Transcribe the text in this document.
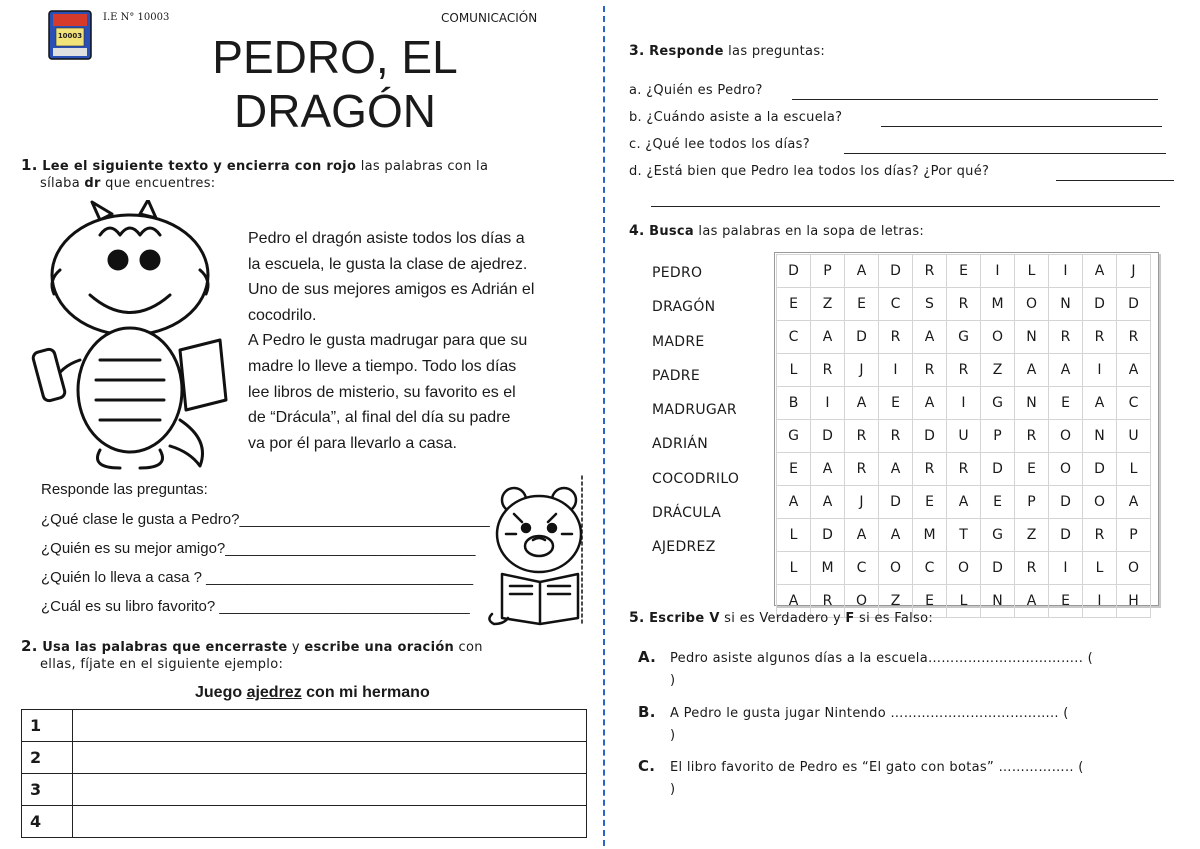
10003
I.E N° 10003	COMUNICACIÓN
PEDRO, EL
DRAGÓN
1. Lee el siguiente texto y encierra con rojo las palabras con la
sílaba dr que encuentres:
Pedro el dragón asiste todos los días a
la escuela, le gusta la clase de ajedrez.
Uno de sus mejores amigos es Adrián el
cocodrilo.
A Pedro le gusta madrugar para que su
madre lo lleve a tiempo. Todo los días
lee libros de misterio, su favorito es el
de “Drácula”, al final del día su padre
va por él para llevarlo a casa.
Responde las preguntas:
¿Qué clase le gusta a Pedro?______________________________
¿Quién es su mejor amigo?______________________________
¿Quién lo lleva a casa ? ________________________________
¿Cuál es su libro favorito? ______________________________
2. Usa las palabras que encerraste y escribe una oración con
ellas, fíjate en el siguiente ejemplo:
Juego ajedrez con mi hermano
1	
2	
3	
4	
3. Responde las preguntas:
a. ¿Quién es Pedro?
b. ¿Cuándo asiste a la escuela?
c. ¿Qué lee todos los días?
d. ¿Está bien que Pedro lea todos los días? ¿Por qué?
4. Busca las palabras en la sopa de letras:
PEDRO
DRAGÓN
MADRE
PADRE
MADRUGAR
ADRIÁN
COCODRILO
DRÁCULA
AJEDREZ
D	P	A	D	R	E	I	L	I	A	J
E	Z	E	C	S	R	M	O	N	D	D
C	A	D	R	A	G	O	N	R	R	R
L	R	J	I	R	R	Z	A	A	I	A
B	I	A	E	A	I	G	N	E	A	C
G	D	R	R	D	U	P	R	O	N	U
E	A	R	A	R	R	D	E	O	D	L
A	A	J	D	E	A	E	P	D	O	A
L	D	A	A	M	T	G	Z	D	R	P
L	M	C	O	C	O	D	R	I	L	O
A	R	O	Z	E	L	N	A	E	I	H
5. Escribe V si es Verdadero y F si es Falso:
A. Pedro asiste algunos días a la escuela…………………………….. (
)
B. A Pedro le gusta jugar Nintendo ……………………………….. (
)
C. El libro favorito de Pedro es “El gato con botas” …………….. (
)
